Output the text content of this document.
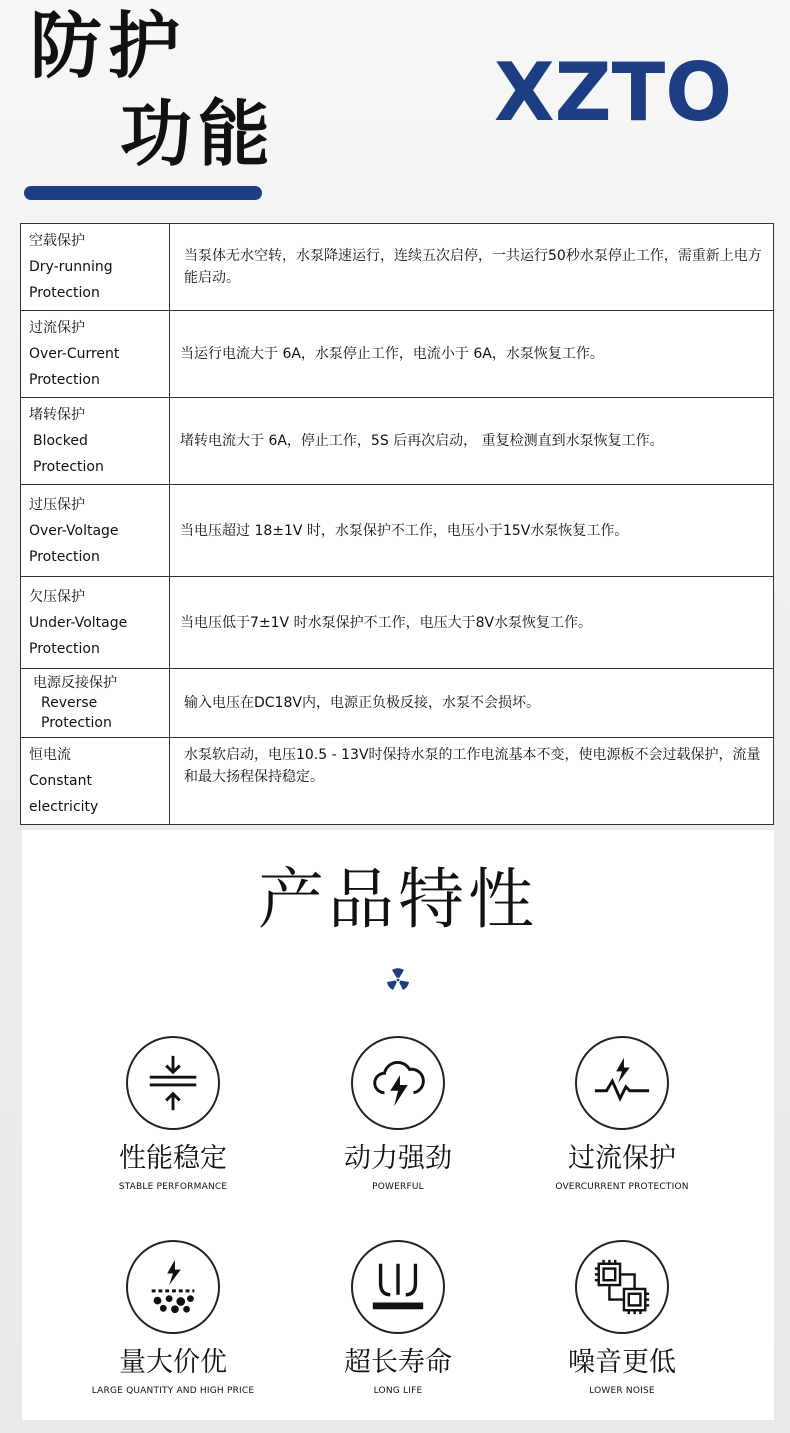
防护
功能	XZTO
空载保护
Dry-running
Protection	当泵体无水空转，水泵降速运行，连续五次启停，一共运行50秒水泵停止工作，需重新上电方能启动。

过流保护
Over-Current
Protection	当运行电流大于 6A，水泵停止工作，电流小于 6A，水泵恢复工作。

堵转保护
Blocked
Protection	堵转电流大于 6A，停止工作，5S 后再次启动， 重复检测直到水泵恢复工作。

过压保护
Over-Voltage
Protection	当电压超过 18±1V 时，水泵保护不工作，电压小于15V水泵恢复工作。

欠压保护
Under-Voltage
Protection	当电压低于7±1V 时水泵保护不工作，电压大于8V水泵恢复工作。

电源反接保护
Reverse
Protection	输入电压在DC18V内，电源正负极反接，水泵不会损坏。

恒电流
Constant
electricity	水泵软启动，电压10.5 - 13V时保持水泵的工作电流基本不变，使电源板不会过载保护，流量和最大扬程保持稳定。
产品特性
性能稳定
STABLE PERFORMANCE
动力强劲
POWERFUL
过流保护
OVERCURRENT PROTECTION
量大价优
LARGE QUANTITY AND HIGH PRICE
超长寿命
LONG LIFE
噪音更低
LOWER NOISE
